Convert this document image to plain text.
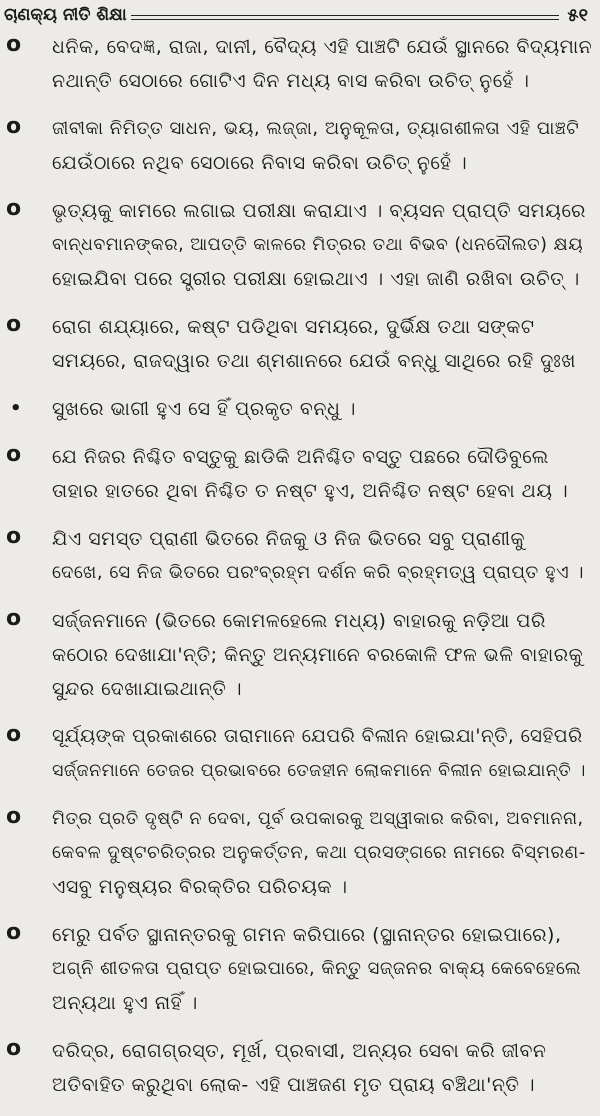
ଚାଣକ୍ୟ ନୀତି ଶିକ୍ଷା	୫୧
o ଧନିକ, ବେଦଜ୍ଞ, ରାଜା, ଦାନୀ, ବୈଦ୍ୟ ଏହି ପାଞ୍ଚଟି ଯେଉଁ ସ୍ଥାନରେ ବିଦ୍ୟମାନ
ନଥାନ୍ତି ସେଠାରେ ଗୋଟିଏ ଦିନ ମଧ୍ୟ ବାସ କରିବା ଉଚିତ୍ ନୁହେଁ ।
o ଜୀବୀକା ନିମିତ୍ତ ସାଧନ, ଭୟ, ଲଜ୍ଜା, ଅନୁକୂଳତା, ତ୍ୟାଗଶୀଳତା ଏହି ପାଞ୍ଚଟି
ଯେଉଁଠାରେ ନଥିବ ସେଠାରେ ନିବାସ କରିବା ଉଚିତ୍ ନୁହେଁ ।
o ଭୃତ୍ୟକୁ କାମରେ ଲଗାଇ ପରୀକ୍ଷା କରାଯାଏ । ବ୍ୟସନ ପ୍ରାପ୍ତି ସମୟରେ
ବାନ୍ଧବମାନଙ୍କର, ଆପତ୍ତି କାଳରେ ମିତ୍ରର ତଥା ବିଭବ (ଧନଦୌଲତ) କ୍ଷୟ
ହୋଇଯିବା ପରେ ସ୍ତ୍ରୀର ପରୀକ୍ଷା ହୋଇଥାଏ । ଏହା ଜାଣି ରଖିବା ଉଚିତ୍ ।
o ରୋଗ ଶଯ୍ୟାରେ, କଷ୍ଟ ପଡିଥିବା ସମୟରେ, ଦୁର୍ଭିକ୍ଷ ତଥା ସଙ୍କଟ
ସମୟରେ, ରାଜଦ୍ୱାର ତଥା ଶ୍ମଶାନରେ ଯେଉଁ ବନ୍ଧୁ ସାଥିରେ ରହି ଦୁଃଖ
• ସୁଖରେ ଭାଗୀ ହୁଏ ସେ ହିଁ ପ୍ରକୃତ ବନ୍ଧୁ ।
o ଯେ ନିଜର ନିଶ୍ଚିତ ବସ୍ତୁକୁ ଛାଡିକି ଅନିଶ୍ଚିତ ବସ୍ତୁ ପଛରେ ଦୌଡିବୁଲେ
ତାହାର ହାତରେ ଥିବା ନିଶ୍ଚିତ ତ ନଷ୍ଟ ହୁଏ, ଅନିଶ୍ଚିତ ନଷ୍ଟ ହେବା ଥୟ ।
o ଯିଏ ସମସ୍ତ ପ୍ରାଣୀ ଭିତରେ ନିଜକୁ ଓ ନିଜ ଭିତରେ ସବୁ ପ୍ରାଣୀକୁ
ଦେଖେ, ସେ ନିଜ ଭିତରେ ପରଂବ୍ରହ୍ମ ଦର୍ଶନ କରି ବ୍ରହ୍ମତ୍ୱ ପ୍ରାପ୍ତ ହୁଏ ।
o ସର୍ଜ୍ଜନମାନେ (ଭିତରେ କୋମଳହେଲେ ମଧ୍ୟ) ବାହାରକୁ ନଡ଼ିଆ ପରି
କଠୋର ଦେଖାଯା'ନ୍ତି; କିନ୍ତୁ ଅନ୍ୟମାନେ ବରକୋଳି ଫଳ ଭଳି ବାହାରକୁ
ସୁନ୍ଦର ଦେଖାଯାଇଥାନ୍ତି ।
o ସୂର୍ଯ୍ୟଙ୍କ ପ୍ରକାଶରେ ତାରାମାନେ ଯେପରି ବିଲୀନ ହୋଇଯା'ନ୍ତି, ସେହିପରି
ସର୍ଜ୍ଜନମାନେ ତେଜର ପ୍ରଭାବରେ ତେଜହୀନ ଲୋକମାନେ ବିଲୀନ ହୋଇଯାନ୍ତି ।
o ମିତ୍ର ପ୍ରତି ଦୃଷ୍ଟି ନ ଦେବା, ପୂର୍ବ ଉପକାରକୁ ଅସ୍ୱୀକାର କରିବା, ଅବମାନନା,
କେବଳ ଦୁଷ୍ଟଚରିତ୍ରର ଅନୁକର୍ତ୍ତନ, କଥା ପ୍ରସଙ୍ଗରେ ନାମରେ ବିସ୍ମରଣ-
ଏସବୁ ମନୁଷ୍ୟର ବିରକ୍ତିର ପରିଚୟକ ।
o ମେରୁ ପର୍ବତ ସ୍ଥାନାନ୍ତରକୁ ଗମନ କରିପାରେ (ସ୍ଥାନାନ୍ତର ହୋଇପାରେ),
ଅଗ୍ନି ଶୀତଳତା ପ୍ରାପ୍ତ ହୋଇପାରେ, କିନ୍ତୁ ସଜ୍ଜନର ବାକ୍ୟ କେବେହେଲେ
ଅନ୍ୟଥା ହୁଏ ନାହିଁ ।
o ଦରିଦ୍ର, ରୋଗଗ୍ରସ୍ତ, ମୂର୍ଖ, ପ୍ରବାସୀ, ଅନ୍ୟର ସେବା କରି ଜୀବନ
ଅତିବାହିତ କରୁଥିବା ଲୋକ- ଏହି ପାଞ୍ଚଜଣ ମୃତ ପ୍ରାୟ ବଞ୍ଚିଥା'ନ୍ତି ।
